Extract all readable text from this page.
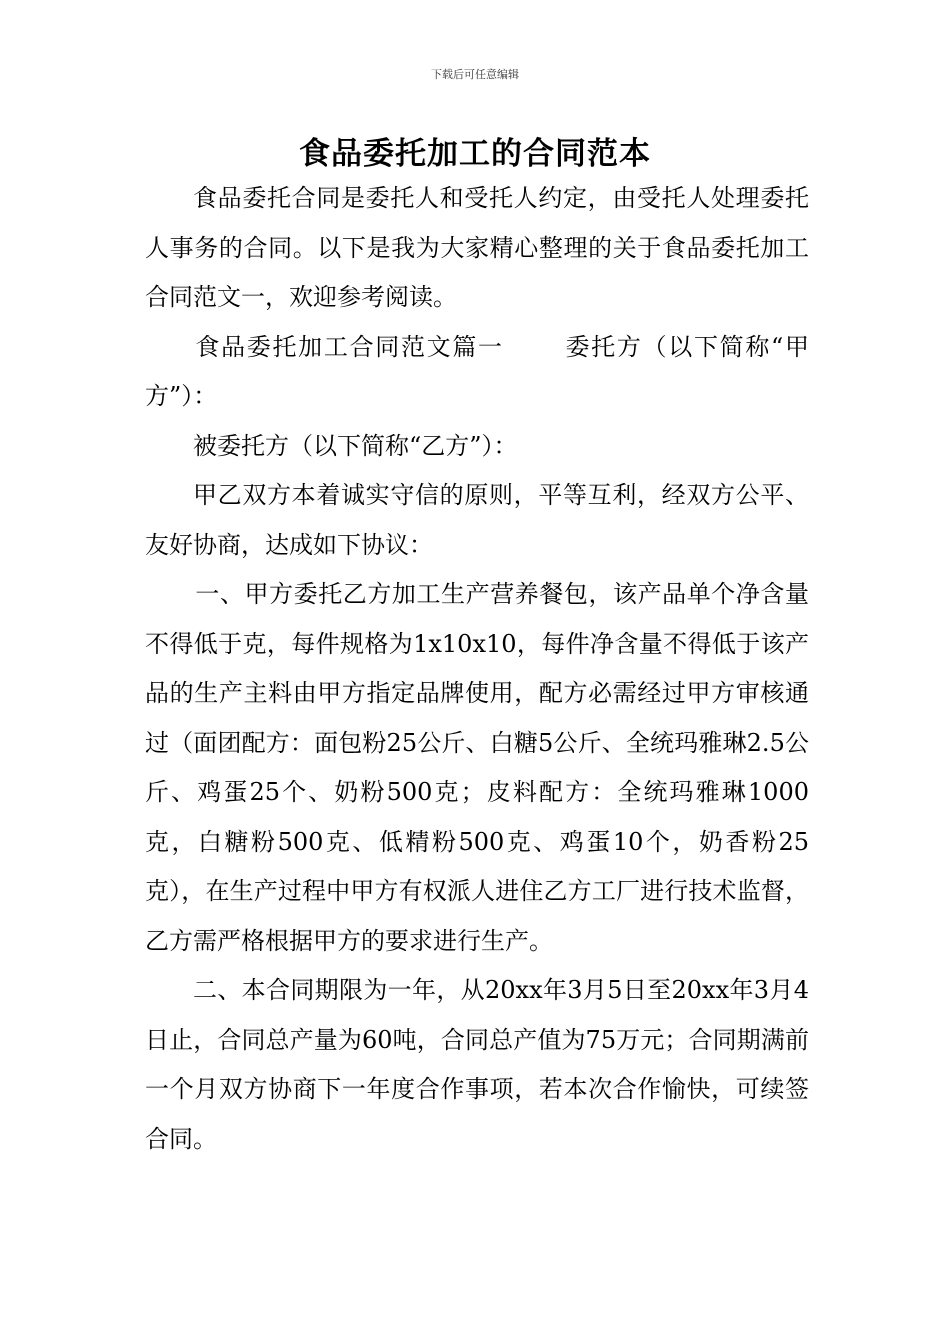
下载后可任意编辑
食品委托加工的合同范本

食品委托合同是委托人和受托人约定，由受托人处理委托人事务的合同。以下是我为大家精心整理的关于食品委托加工合同范文一，欢迎参考阅读。

食品委托加工合同范文篇一	委托方（以下简称“甲方”）：

被委托方（以下简称“乙方”）：

甲乙双方本着诚实守信的原则，平等互利，经双方公平、友好协商，达成如下协议：

一、甲方委托乙方加工生产营养餐包，该产品单个净含量不得低于克，每件规格为1x10x10，每件净含量不得低于该产品的生产主料由甲方指定品牌使用，配方必需经过甲方审核通过（面团配方：面包粉25公斤、白糖5公斤、全统玛雅琳2.5公斤、鸡蛋25个、奶粉500克；皮料配方：全统玛雅琳1000克，白糖粉500克、低精粉500克、鸡蛋10个，奶香粉25克），在生产过程中甲方有权派人进住乙方工厂进行技术监督，乙方需严格根据甲方的要求进行生产。

二、本合同期限为一年，从20xx年3月5日至20xx年3月4日止，合同总产量为60吨，合同总产值为75万元；合同期满前一个月双方协商下一年度合作事项，若本次合作愉快，可续签合同。
